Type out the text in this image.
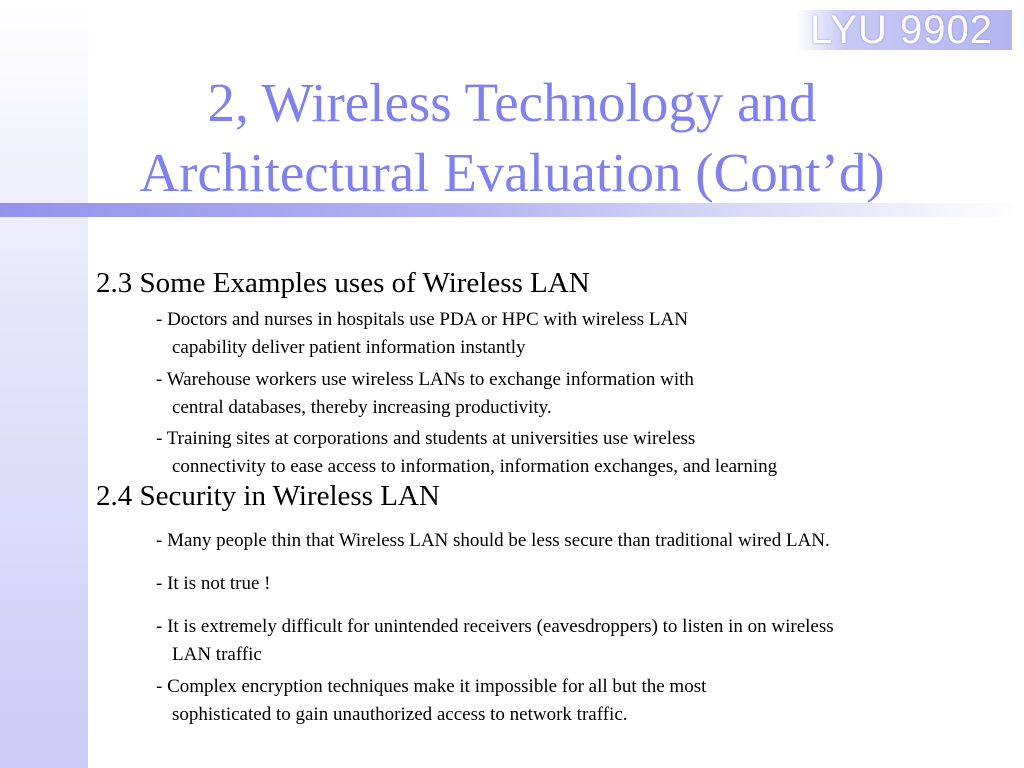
LYU 9902
2, Wireless Technology and
Architectural Evaluation (Cont’d)
2.3 Some Examples uses of Wireless LAN
- Doctors and nurses in hospitals use PDA or HPC with wireless LAN
capability deliver patient information instantly
- Warehouse workers use wireless LANs to exchange information with
central databases, thereby increasing productivity.
- Training sites at corporations and students at universities use wireless
connectivity to ease access to information, information exchanges, and learning
2.4 Security in Wireless LAN
- Many people thin that Wireless LAN should be less secure than traditional wired LAN.
- It is not true !
- It is extremely difficult for unintended receivers (eavesdroppers) to listen in on wireless
LAN traffic
- Complex encryption techniques make it impossible for all but the most
sophisticated to gain unauthorized access to network traffic.
